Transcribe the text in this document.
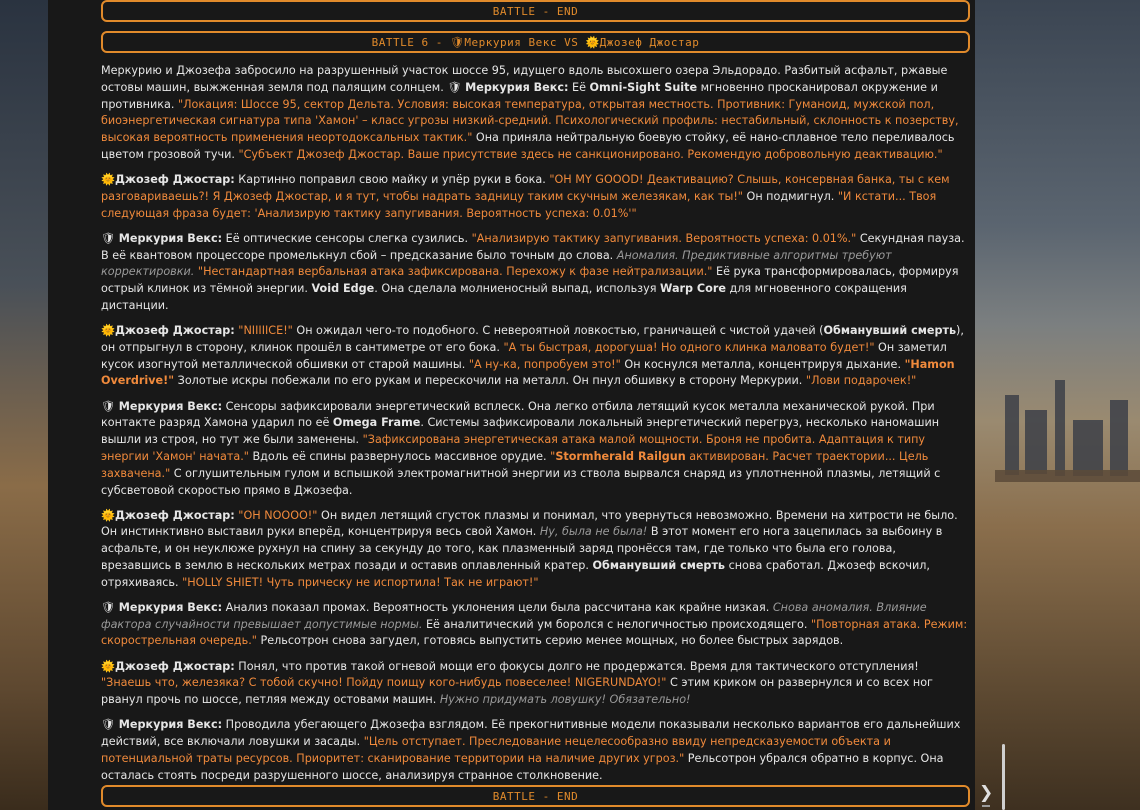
BATTLE - END
BATTLE 6 - 🛡Меркурия Векс VS 🌞Джозеф Джостар
Меркурию и Джозефа забросило на разрушенный участок шоссе 95, идущего вдоль высохшего озера Эльдорадо. Разбитый асфальт, ржавые остовы машин, выжженная земля под палящим солнцем. 🛡 Меркурия Векс: Её Omni-Sight Suite мгновенно просканировал окружение и противника. "Локация: Шоссе 95, сектор Дельта. Условия: высокая температура, открытая местность. Противник: Гуманоид, мужской пол, биоэнергетическая сигнатура типа 'Хамон' – класс угрозы низкий-средний. Психологический профиль: нестабильный, склонность к позерству, высокая вероятность применения неортодоксальных тактик." Она приняла нейтральную боевую стойку, её нано-сплавное тело переливалось цветом грозовой тучи. "Субъект Джозеф Джостар. Ваше присутствие здесь не санкционировано. Рекомендую добровольную деактивацию."
🌞Джозеф Джостар: Картинно поправил свою майку и упёр руки в бока. "OH MY GOOOD! Деактивацию? Слышь, консервная банка, ты с кем разговариваешь?! Я Джозеф Джостар, и я тут, чтобы надрать задницу таким скучным железякам, как ты!" Он подмигнул. "И кстати... Твоя следующая фраза будет: 'Анализирую тактику запугивания. Вероятность успеха: 0.01%'"
🛡 Меркурия Векс: Её оптические сенсоры слегка сузились. "Анализирую тактику запугивания. Вероятность успеха: 0.01%." Секундная пауза. В её квантовом процессоре промелькнул сбой – предсказание было точным до слова. Аномалия. Предиктивные алгоритмы требуют корректировки. "Нестандартная вербальная атака зафиксирована. Перехожу к фазе нейтрализации." Её рука трансформировалась, формируя острый клинок из тёмной энергии. Void Edge. Она сделала молниеносный выпад, используя Warp Core для мгновенного сокращения дистанции.
🌞Джозеф Джостар: "NIIIIICE!" Он ожидал чего-то подобного. С невероятной ловкостью, граничащей с чистой удачей (Обманувший смерть), он отпрыгнул в сторону, клинок прошёл в сантиметре от его бока. "А ты быстрая, дорогуша! Но одного клинка маловато будет!" Он заметил кусок изогнутой металлической обшивки от старой машины. "А ну-ка, попробуем это!" Он коснулся металла, концентрируя дыхание. "Hamon Overdrive!" Золотые искры побежали по его рукам и перескочили на металл. Он пнул обшивку в сторону Меркурии. "Лови подарочек!"
🛡 Меркурия Векс: Сенсоры зафиксировали энергетический всплеск. Она легко отбила летящий кусок металла механической рукой. При контакте разряд Хамона ударил по её Omega Frame. Системы зафиксировали локальный энергетический перегруз, несколько наномашин вышли из строя, но тут же были заменены. "Зафиксирована энергетическая атака малой мощности. Броня не пробита. Адаптация к типу энергии 'Хамон' начата." Вдоль её спины развернулось массивное орудие. "Stormherald Railgun активирован. Расчет траектории... Цель захвачена." С оглушительным гулом и вспышкой электромагнитной энергии из ствола вырвался снаряд из уплотненной плазмы, летящий с субсветовой скоростью прямо в Джозефа.
🌞Джозеф Джостар: "OH NOOOO!" Он видел летящий сгусток плазмы и понимал, что увернуться невозможно. Времени на хитрости не было. Он инстинктивно выставил руки вперёд, концентрируя весь свой Хамон. Ну, была не была! В этот момент его нога зацепилась за выбоину в асфальте, и он неуклюже рухнул на спину за секунду до того, как плазменный заряд пронёсся там, где только что была его голова, врезавшись в землю в нескольких метрах позади и оставив оплавленный кратер. Обманувший смерть снова сработал. Джозеф вскочил, отряхиваясь. "HOLLY SHIET! Чуть прическу не испортила! Так не играют!"
🛡 Меркурия Векс: Анализ показал промах. Вероятность уклонения цели была рассчитана как крайне низкая. Снова аномалия. Влияние фактора случайности превышает допустимые нормы. Её аналитический ум боролся с нелогичностью происходящего. "Повторная атака. Режим: скорострельная очередь." Рельсотрон снова загудел, готовясь выпустить серию менее мощных, но более быстрых зарядов.
🌞Джозеф Джостар: Понял, что против такой огневой мощи его фокусы долго не продержатся. Время для тактического отступления! "Знаешь что, железяка? С тобой скучно! Пойду поищу кого-нибудь повеселее! NIGERUNDAYO!" С этим криком он развернулся и со всех ног рванул прочь по шоссе, петляя между остовами машин. Нужно придумать ловушку! Обязательно!
🛡 Меркурия Векс: Проводила убегающего Джозефа взглядом. Её прекогнитивные модели показывали несколько вариантов его дальнейших действий, все включали ловушки и засады. "Цель отступает. Преследование нецелесообразно ввиду непредсказуемости объекта и потенциальной траты ресурсов. Приоритет: сканирование территории на наличие других угроз." Рельсотрон убрался обратно в корпус. Она осталась стоять посреди разрушенного шоссе, анализируя странное столкновение.
BATTLE - END	❯
